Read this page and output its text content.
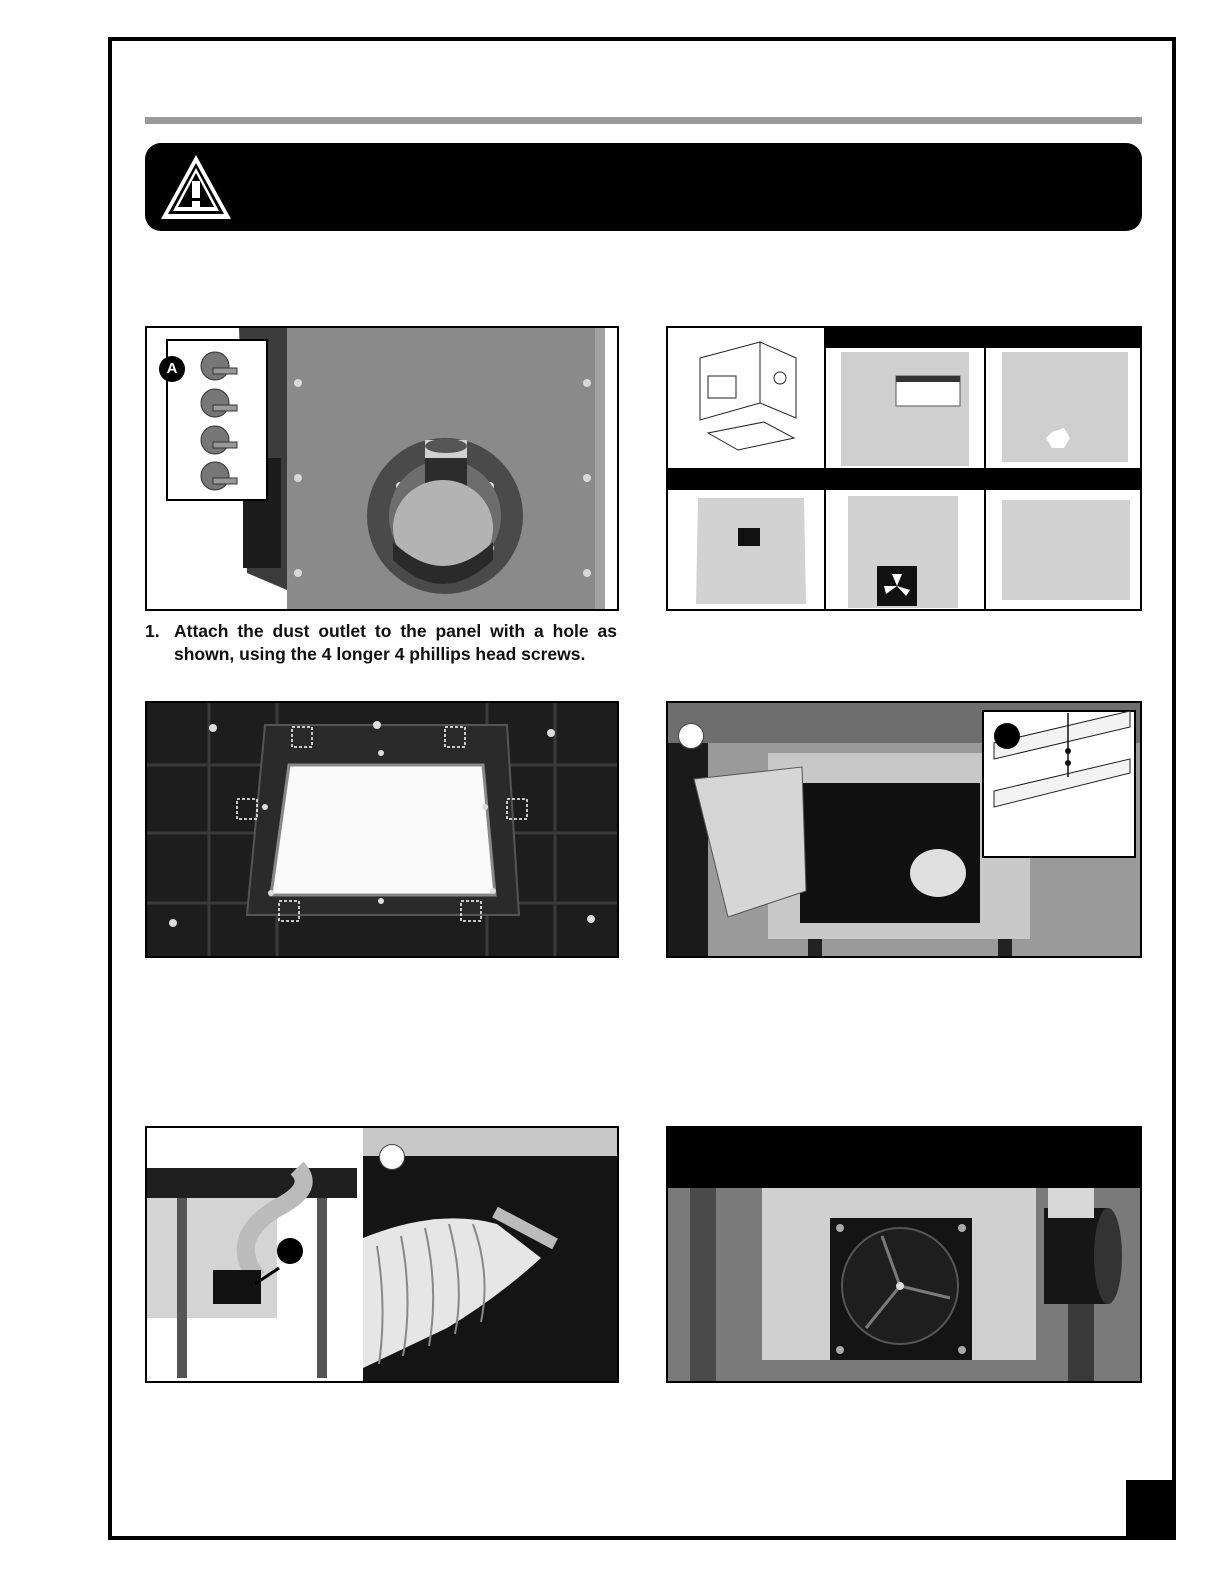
A
1. Attach the dust outlet to the panel with a hole as
shown, using the 4 longer 4 phillips head screws.
